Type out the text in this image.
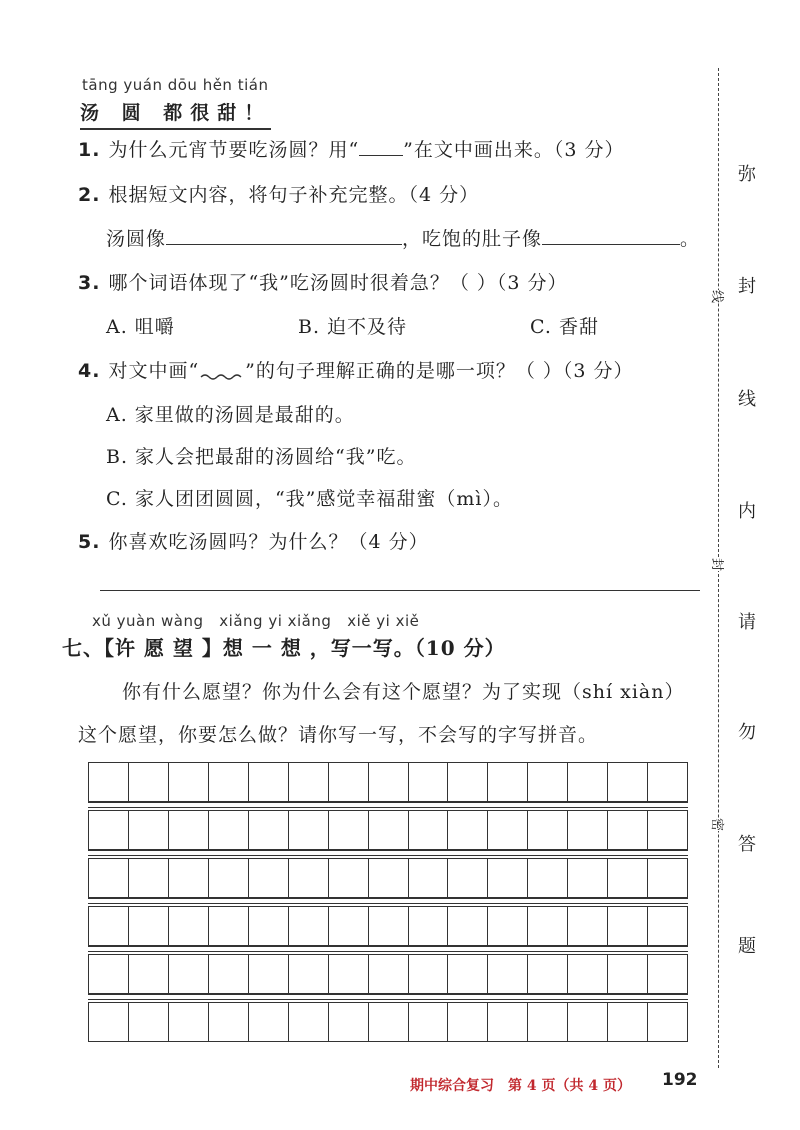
tāng yuán dōu hěn tián
汤 圆 都很甜！
1. 为什么元宵节要吃汤圆？用“ ”在文中画出来。（3 分）
2. 根据短文内容，将句子补充完整。（4 分）
汤圆像	，吃饱的肚子像	。
3. 哪个词语体现了“我”吃汤圆时很着急？（ ）（3 分）
A. 咀嚼	B. 迫不及待	C. 香甜
4. 对文中画“ ”的句子理解正确的是哪一项？（ ）（3 分）
A. 家里做的汤圆是最甜的。
B. 家人会把最甜的汤圆给“我”吃。
C. 家人团团圆圆，“我”感觉幸福甜蜜（mì）。
5. 你喜欢吃汤圆吗？为什么？（4 分）
xǔ yuàn wàng   xiǎng yi xiǎng   xiě yi xiě
七、【许 愿 望 】想 一 想 ，写一写。（10 分）
你有什么愿望？你为什么会有这个愿望？为了实现（shí xiàn）
这个愿望，你要怎么做？请你写一写，不会写的字写拼音。
弥
封
线
内
请
勿
答
题
线
封
密
期中综合复习　第 4 页（共 4 页） 192
